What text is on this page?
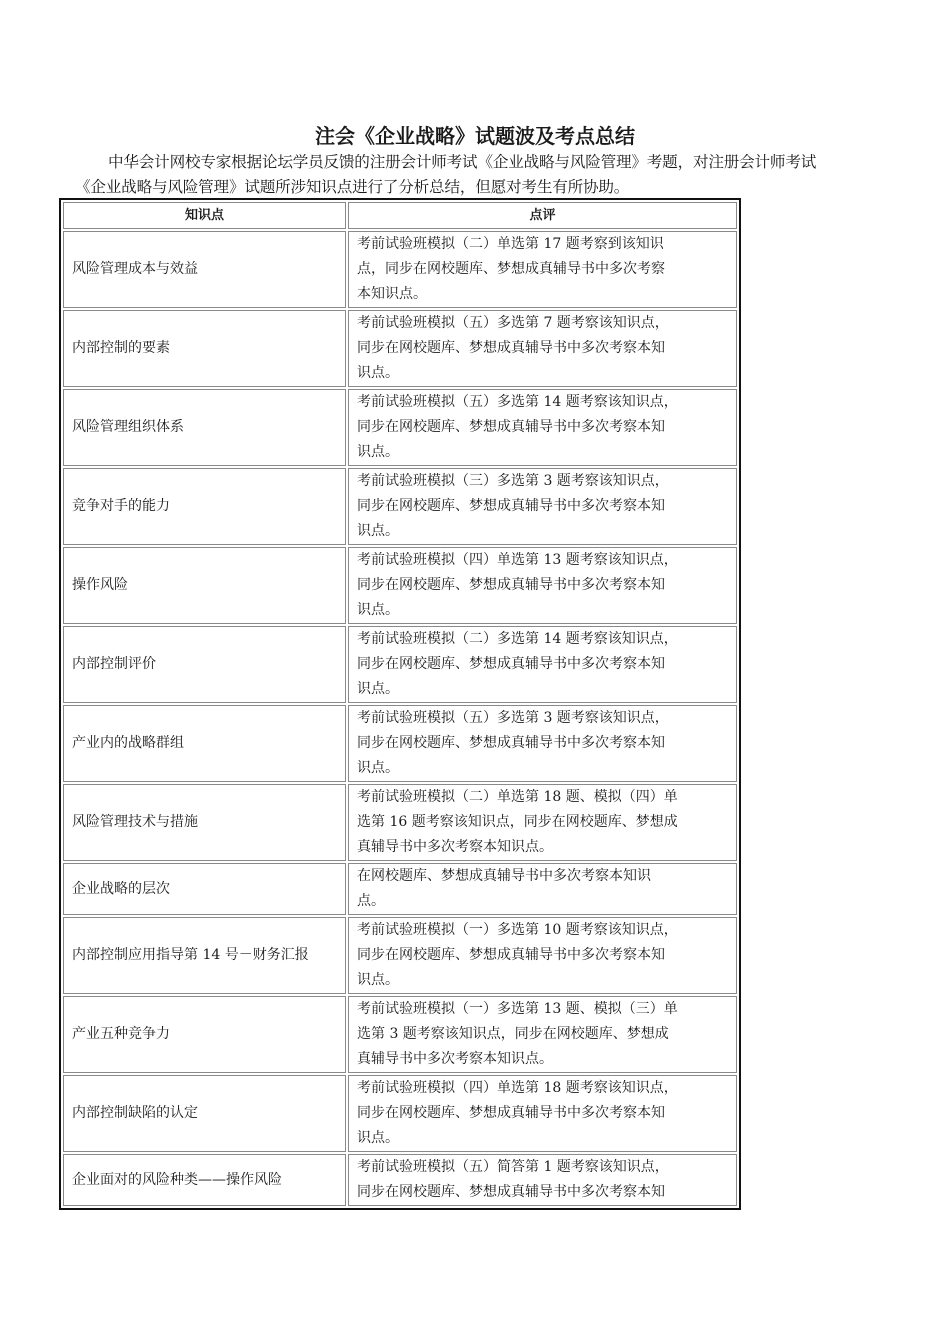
注会《企业战略》试题波及考点总结
中华会计网校专家根据论坛学员反馈的注册会计师考试《企业战略与风险管理》考题，对注册会计师考试
《企业战略与风险管理》试题所涉知识点进行了分析总结，但愿对考生有所协助。
知识点	点评
风险管理成本与效益	考前试验班模拟（二）单选第 17 题考察到该知识
点，同步在网校题库、梦想成真辅导书中多次考察
本知识点。

内部控制的要素	考前试验班模拟（五）多选第 7 题考察该知识点，
同步在网校题库、梦想成真辅导书中多次考察本知
识点。

风险管理组织体系	考前试验班模拟（五）多选第 14 题考察该知识点，
同步在网校题库、梦想成真辅导书中多次考察本知
识点。

竞争对手的能力	考前试验班模拟（三）多选第 3 题考察该知识点，
同步在网校题库、梦想成真辅导书中多次考察本知
识点。

操作风险	考前试验班模拟（四）单选第 13 题考察该知识点，
同步在网校题库、梦想成真辅导书中多次考察本知
识点。

内部控制评价	考前试验班模拟（二）多选第 14 题考察该知识点，
同步在网校题库、梦想成真辅导书中多次考察本知
识点。

产业内的战略群组	考前试验班模拟（五）多选第 3 题考察该知识点，
同步在网校题库、梦想成真辅导书中多次考察本知
识点。

风险管理技术与措施	考前试验班模拟（二）单选第 18 题、模拟（四）单
选第 16 题考察该知识点，同步在网校题库、梦想成
真辅导书中多次考察本知识点。

企业战略的层次	在网校题库、梦想成真辅导书中多次考察本知识
点。

内部控制应用指导第 14 号－财务汇报	考前试验班模拟（一）多选第 10 题考察该知识点，
同步在网校题库、梦想成真辅导书中多次考察本知
识点。

产业五种竞争力	考前试验班模拟（一）多选第 13 题、模拟（三）单
选第 3 题考察该知识点，同步在网校题库、梦想成
真辅导书中多次考察本知识点。

内部控制缺陷的认定	考前试验班模拟（四）单选第 18 题考察该知识点，
同步在网校题库、梦想成真辅导书中多次考察本知
识点。

企业面对的风险种类——操作风险	考前试验班模拟（五）简答第 1 题考察该知识点，
同步在网校题库、梦想成真辅导书中多次考察本知
